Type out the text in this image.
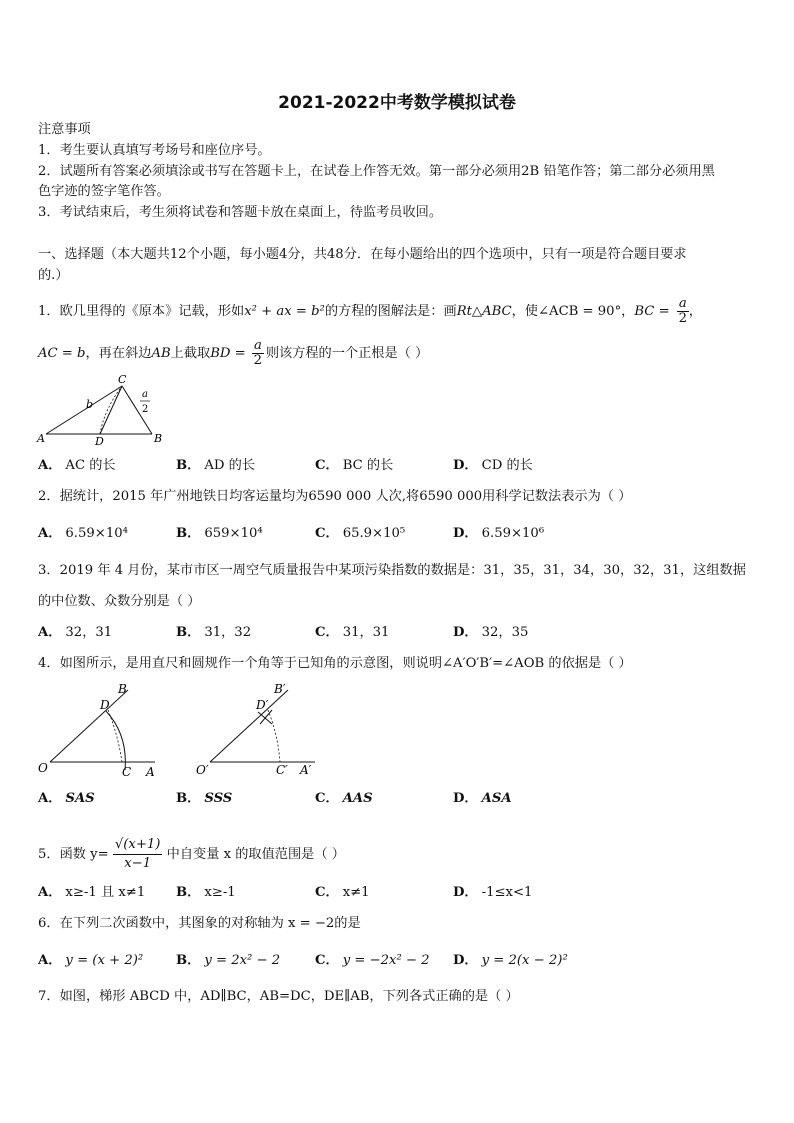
2021-2022中考数学模拟试卷
注意事项
1．考生要认真填写考场号和座位序号。
2．试题所有答案必须填涂或书写在答题卡上，在试卷上作答无效。第一部分必须用2B 铅笔作答；第二部分必须用黑
色字迹的签字笔作答。
3．考试结束后，考生须将试卷和答题卡放在桌面上，待监考员收回。
一、选择题（本大题共12个小题，每小题4分，共48分．在每小题给出的四个选项中，只有一项是符合题目要求
的.）
1．欧几里得的《原本》记载，形如x² + ax = b²的方程的图解法是：画Rt△ABC，使∠ACB = 90°，BC = $\frac{a}{2}$ ，
AC = b，再在斜边AB上截取BD = $\frac{a}{2}$ 则该方程的一个正根是（ ）
A	B
C
D
b
a
2
A． AC 的长	B． AD 的长	C． BC 的长	D． CD 的长
2．据统计，2015 年广州地铁日均客运量均为6590 000 人次,将6590 000用科学记数法表示为（ ）
A． 6.59×10⁴	B． 659×10⁴	C． 65.9×10⁵	D． 6.59×10⁶
3．2019 年 4 月份，某市市区一周空气质量报告中某项污染指数的数据是：31，35，31，34，30，32，31，这组数据
的中位数、众数分别是（ ）
A． 32，31	B． 31，32	C． 31，31	D． 32，35
4．如图所示，是用直尺和圆规作一个角等于已知角的示意图，则说明∠A′O′B′=∠AOB 的依据是（ ）
O	A
B
C
D
O′	A′
B′
C′
D′
A． SAS	B． SSS	C． AAS	D． ASA
5．函数 $y= \frac{√(x+1)}{x-1}$ 中自变量 x 的取值范围是（ ）
A． x≥-1 且 x≠1 B． x≥-1	C． x≠1	D． -1≤x<1
6．在下列二次函数中，其图象的对称轴为 x = −2的是
A． y = (x + 2)² B． y = 2x² − 2	C． y = −2x² − 2 D． y = 2(x − 2)²
7．如图，梯形 ABCD 中，AD∥BC，AB=DC，DE∥AB，下列各式正确的是（ ）
